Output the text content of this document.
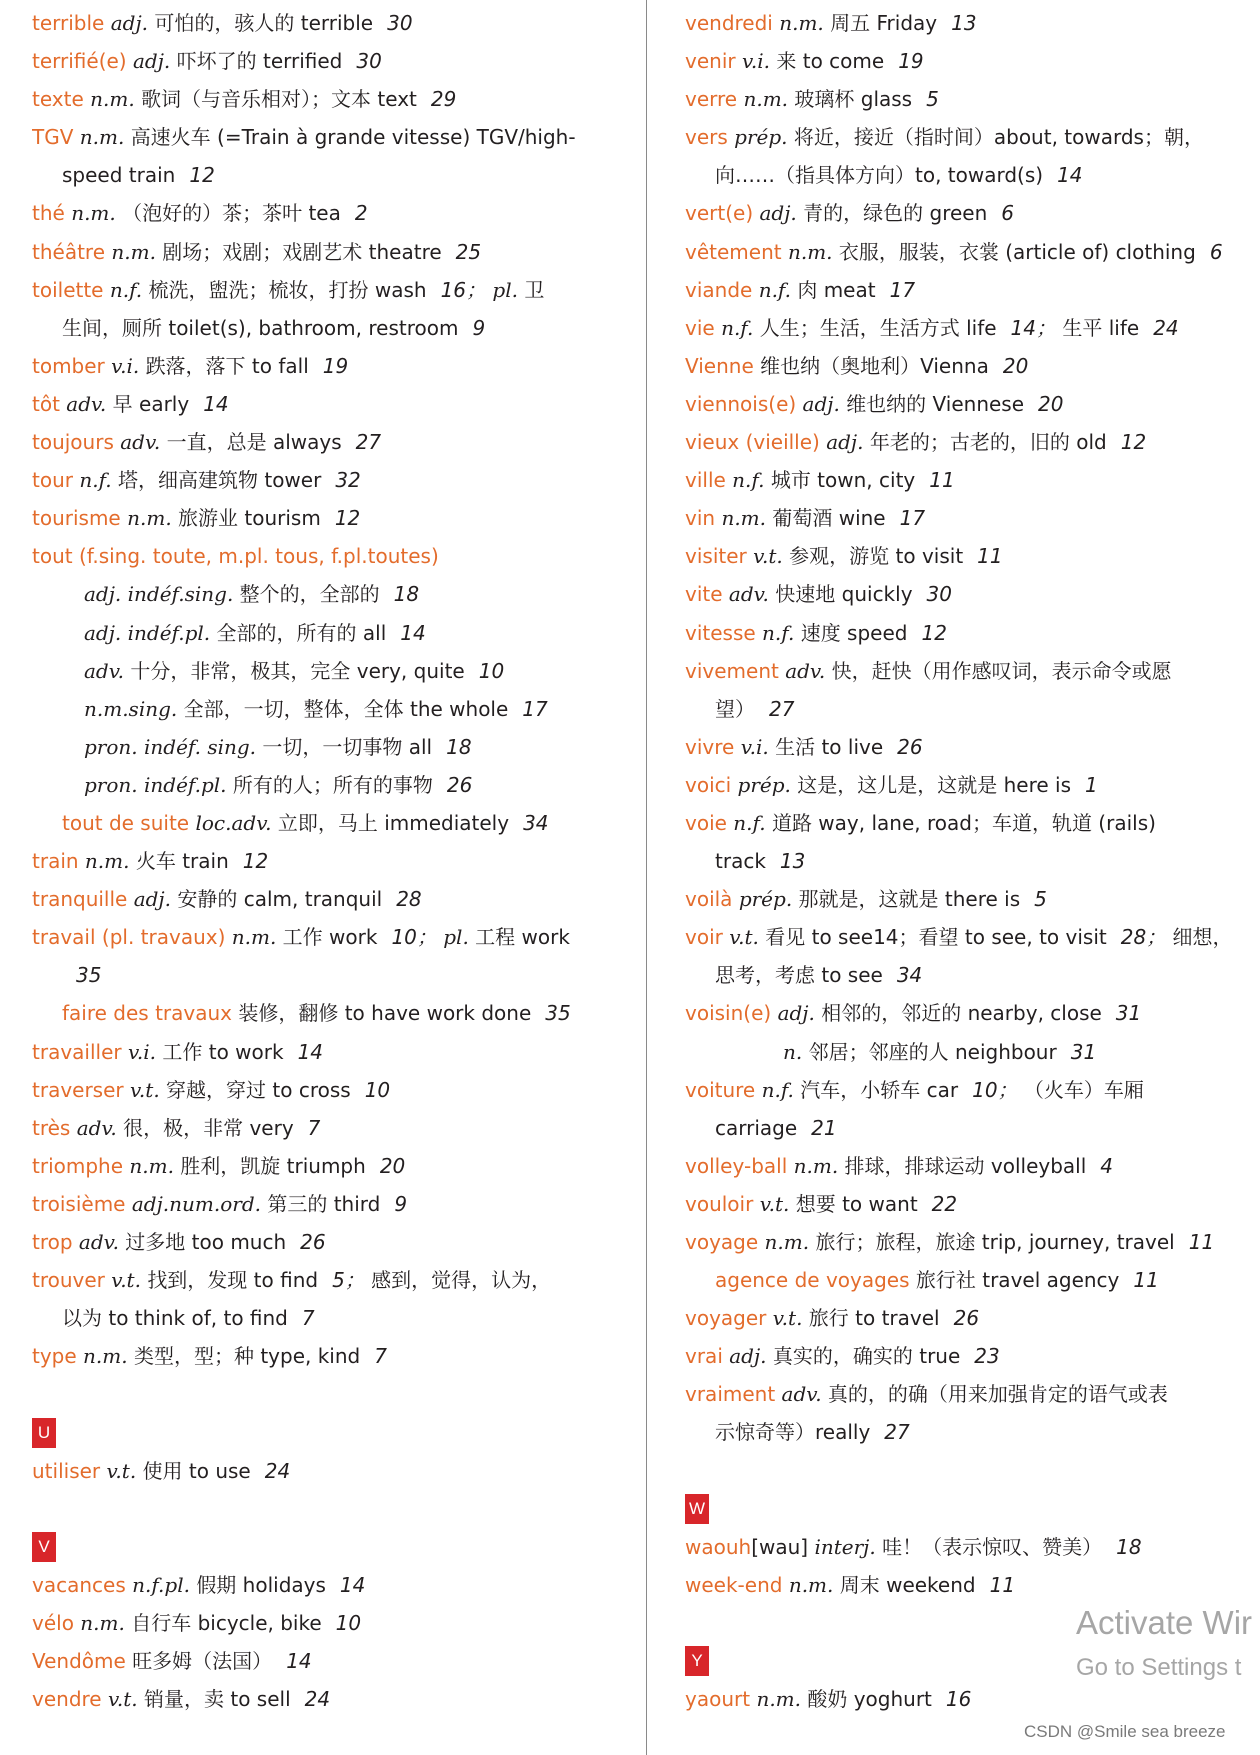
terrible adj. 可怕的，骇人的 terrible 30
terrifié(e) adj. 吓坏了的 terrified 30
texte n.m. 歌词（与音乐相对）；文本 text 29
TGV n.m. 高速火车 (=Train à grande vitesse) TGV/high-
speed train 12
thé n.m. （泡好的）茶；茶叶 tea 2
théâtre n.m. 剧场；戏剧；戏剧艺术 theatre 25
toilette n.f. 梳洗，盥洗；梳妆，打扮 wash 16； pl. 卫
生间，厕所 toilet(s), bathroom, restroom 9
tomber v.i. 跌落，落下 to fall 19
tôt adv. 早 early 14
toujours adv. 一直，总是 always 27
tour n.f. 塔，细高建筑物 tower 32
tourisme n.m. 旅游业 tourism 12
tout (f.sing. toute, m.pl. tous, f.pl.toutes)
adj. indéf.sing. 整个的，全部的 18
adj. indéf.pl. 全部的，所有的 all 14
adv. 十分，非常，极其，完全 very, quite 10
n.m.sing. 全部，一切，整体，全体 the whole 17
pron. indéf. sing. 一切，一切事物 all 18
pron. indéf.pl. 所有的人；所有的事物 26
tout de suite loc.adv. 立即，马上 immediately 34
train n.m. 火车 train 12
tranquille adj. 安静的 calm, tranquil 28
travail (pl. travaux) n.m. 工作 work 10； pl. 工程 work
35
faire des travaux 装修，翻修 to have work done 35
travailler v.i. 工作 to work 14
traverser v.t. 穿越，穿过 to cross 10
très adv. 很，极，非常 very 7
triomphe n.m. 胜利，凯旋 triumph 20
troisième adj.num.ord. 第三的 third 9
trop adv. 过多地 too much 26
trouver v.t. 找到，发现 to find 5； 感到，觉得，认为，
以为 to think of, to find 7
type n.m. 类型，型；种 type, kind 7
U
utiliser v.t. 使用 to use 24
V
vacances n.f.pl. 假期 holidays 14
vélo n.m. 自行车 bicycle, bike 10
Vendôme 旺多姆（法国） 14
vendre v.t. 销量，卖 to sell 24
vendredi n.m. 周五 Friday 13
venir v.i. 来 to come 19
verre n.m. 玻璃杯 glass 5
vers prép. 将近，接近（指时间）about, towards；朝，
向……（指具体方向）to, toward(s) 14
vert(e) adj. 青的，绿色的 green 6
vêtement n.m. 衣服，服装，衣裳 (article of) clothing 6
viande n.f. 肉 meat 17
vie n.f. 人生；生活，生活方式 life 14； 生平 life 24
Vienne 维也纳（奥地利）Vienna 20
viennois(e) adj. 维也纳的 Viennese 20
vieux (vieille) adj. 年老的；古老的，旧的 old 12
ville n.f. 城市 town, city 11
vin n.m. 葡萄酒 wine 17
visiter v.t. 参观，游览 to visit 11
vite adv. 快速地 quickly 30
vitesse n.f. 速度 speed 12
vivement adv. 快，赶快（用作感叹词，表示命令或愿
望） 27
vivre v.i. 生活 to live 26
voici prép. 这是，这儿是，这就是 here is 1
voie n.f. 道路 way, lane, road；车道，轨道 (rails)
track 13
voilà prép. 那就是，这就是 there is 5
voir v.t. 看见 to see14；看望 to see, to visit 28； 细想，
思考，考虑 to see 34
voisin(e) adj. 相邻的，邻近的 nearby, close 31
n. 邻居；邻座的人 neighbour 31
voiture n.f. 汽车，小轿车 car 10； （火车）车厢
carriage 21
volley-ball n.m. 排球，排球运动 volleyball 4
vouloir v.t. 想要 to want 22
voyage n.m. 旅行；旅程，旅途 trip, journey, travel 11
agence de voyages 旅行社 travel agency 11
voyager v.t. 旅行 to travel 26
vrai adj. 真实的，确实的 true 23
vraiment adv. 真的，的确（用来加强肯定的语气或表
示惊奇等）really 27
W
waouh[wau] interj. 哇！（表示惊叹、赞美） 18
week-end n.m. 周末 weekend 11
Y
yaourt n.m. 酸奶 yoghurt 16
Activate Wir
Go to Settings t
CSDN @Smile sea breeze
